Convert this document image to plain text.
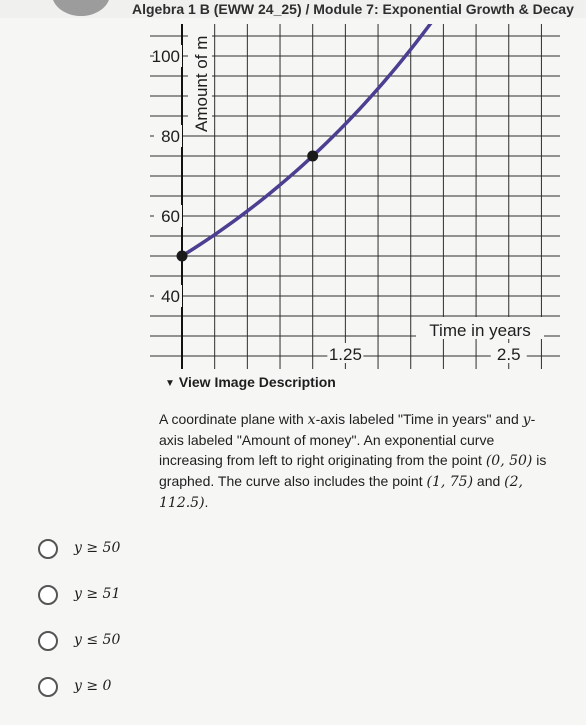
Algebra 1 B (EWW 24_25) / Module 7: Exponential Growth & Decay
100
80
60
40
1.25	2.5
Time in years
Amount of m
▼ View Image Description
A coordinate plane with x-axis labeled "Time in years" and y-axis labeled "Amount of money". An exponential curve increasing from left to right originating from the point (0, 50) is graphed. The curve also includes the point (1, 75) and (2, 112.5).
y ≥ 50
y ≥ 51
y ≤ 50
y ≥ 0
